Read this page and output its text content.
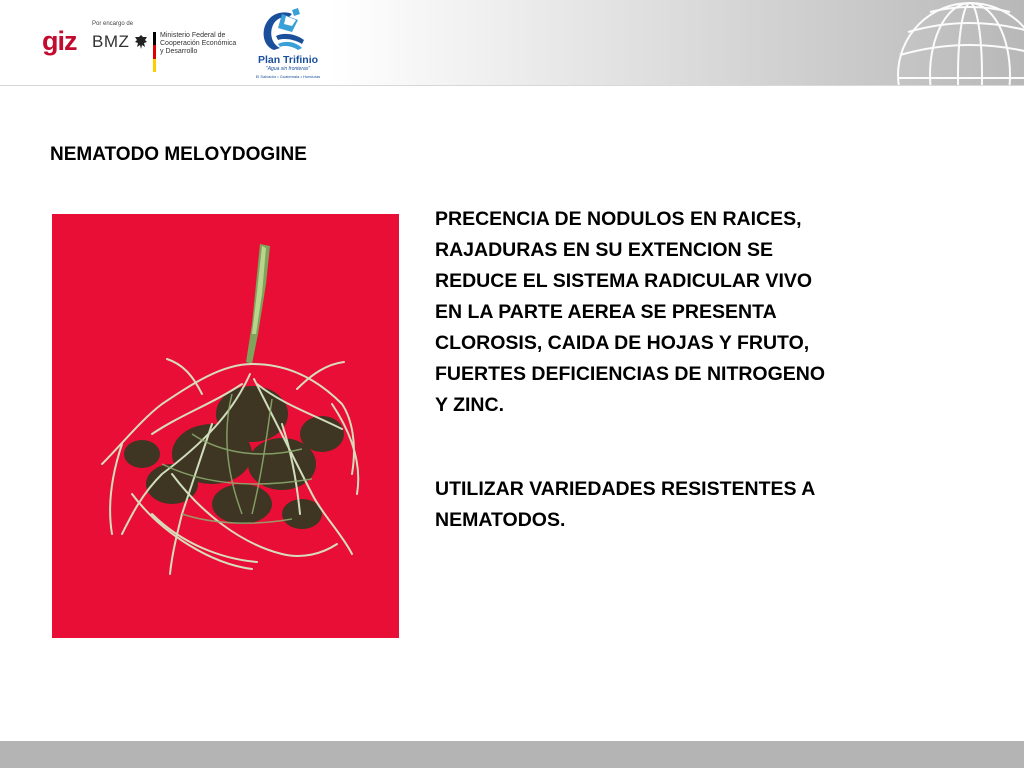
giz
Por encargo de
BMZ	Ministerio Federal de
Cooperación Económica
y Desarrollo
Plan Trifinio
"Agua sin fronteras"
El Salvador • Guatemala • Honduras
NEMATODO MELOYDOGINE

PRECENCIA DE NODULOS EN RAICES,
RAJADURAS EN SU EXTENCION SE
REDUCE EL SISTEMA RADICULAR VIVO
EN LA PARTE AEREA SE PRESENTA
CLOROSIS, CAIDA DE HOJAS Y FRUTO,
FUERTES DEFICIENCIAS DE NITROGENO
Y ZINC.

UTILIZAR VARIEDADES RESISTENTES A
NEMATODOS.
